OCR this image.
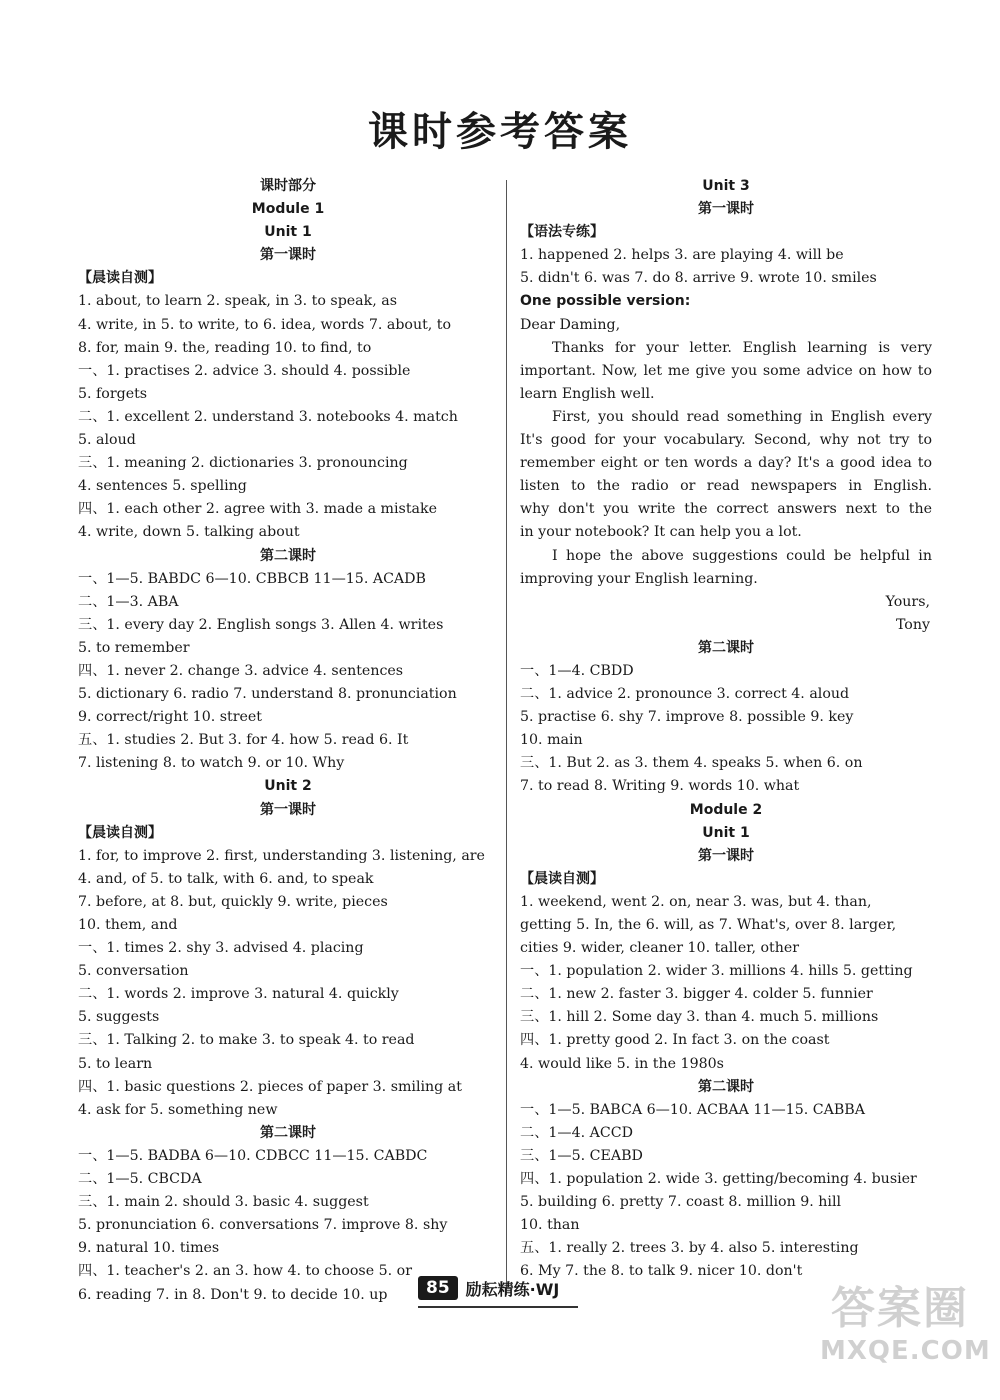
课时参考答案
课时部分
Module 1
Unit 1
第一课时
【晨读自测】
1. about, to learn 2. speak, in 3. to speak, as
4. write, in 5. to write, to 6. idea, words 7. about, to
8. for, main 9. the, reading 10. to find, to
一、1. practises 2. advice 3. should 4. possible
5. forgets
二、1. excellent 2. understand 3. notebooks 4. match
5. aloud
三、1. meaning 2. dictionaries 3. pronouncing
4. sentences 5. spelling
四、1. each other 2. agree with 3. made a mistake
4. write, down 5. talking about
第二课时
一、1—5. BABDC 6—10. CBBCB 11—15. ACADB
二、1—3. ABA
三、1. every day 2. English songs 3. Allen 4. writes
5. to remember
四、1. never 2. change 3. advice 4. sentences
5. dictionary 6. radio 7. understand 8. pronunciation
9. correct/right 10. street
五、1. studies 2. But 3. for 4. how 5. read 6. It
7. listening 8. to watch 9. or 10. Why
Unit 2
第一课时
【晨读自测】
1. for, to improve 2. first, understanding 3. listening, are
4. and, of 5. to talk, with 6. and, to speak
7. before, at 8. but, quickly 9. write, pieces
10. them, and
一、1. times 2. shy 3. advised 4. placing
5. conversation
二、1. words 2. improve 3. natural 4. quickly
5. suggests
三、1. Talking 2. to make 3. to speak 4. to read
5. to learn
四、1. basic questions 2. pieces of paper 3. smiling at
4. ask for 5. something new
第二课时
一、1—5. BADBA 6—10. CDBCC 11—15. CABDC
二、1—5. CBCDA
三、1. main 2. should 3. basic 4. suggest
5. pronunciation 6. conversations 7. improve 8. shy
9. natural 10. times
四、1. teacher's 2. an 3. how 4. to choose 5. or
6. reading 7. in 8. Don't 9. to decide 10. up
Unit 3
第一课时
【语法专练】
1. happened 2. helps 3. are playing 4. will be
5. didn't 6. was 7. do 8. arrive 9. wrote 10. smiles
One possible version:
Dear Daming,
Thanks for your letter. English learning is very
important. Now, let me give you some advice on how to
learn English well.
First, you should read something in English every
It's good for your vocabulary. Second, why not try to
remember eight or ten words a day? It's a good idea to
listen to the radio or read newspapers in English.
why don't you write the correct answers next to the
in your notebook? It can help you a lot.
I hope the above suggestions could be helpful in
improving your English learning.
Yours,
Tony
第二课时
一、1—4. CBDD
二、1. advice 2. pronounce 3. correct 4. aloud
5. practise 6. shy 7. improve 8. possible 9. key
10. main
三、1. But 2. as 3. them 4. speaks 5. when 6. on
7. to read 8. Writing 9. words 10. what
Module 2
Unit 1
第一课时
【晨读自测】
1. weekend, went 2. on, near 3. was, but 4. than,
getting 5. In, the 6. will, as 7. What's, over 8. larger,
cities 9. wider, cleaner 10. taller, other
一、1. population 2. wider 3. millions 4. hills 5. getting
二、1. new 2. faster 3. bigger 4. colder 5. funnier
三、1. hill 2. Some day 3. than 4. much 5. millions
四、1. pretty good 2. In fact 3. on the coast
4. would like 5. in the 1980s
第二课时
一、1—5. BABCA 6—10. ACBAA 11—15. CABBA
二、1—4. ACCD
三、1—5. CEABD
四、1. population 2. wide 3. getting/becoming 4. busier
5. building 6. pretty 7. coast 8. million 9. hill
10. than
五、1. really 2. trees 3. by 4. also 5. interesting
6. My 7. the 8. to talk 9. nicer 10. don't
85	励耘精练·WJ	答案圈
MXQE.COM
